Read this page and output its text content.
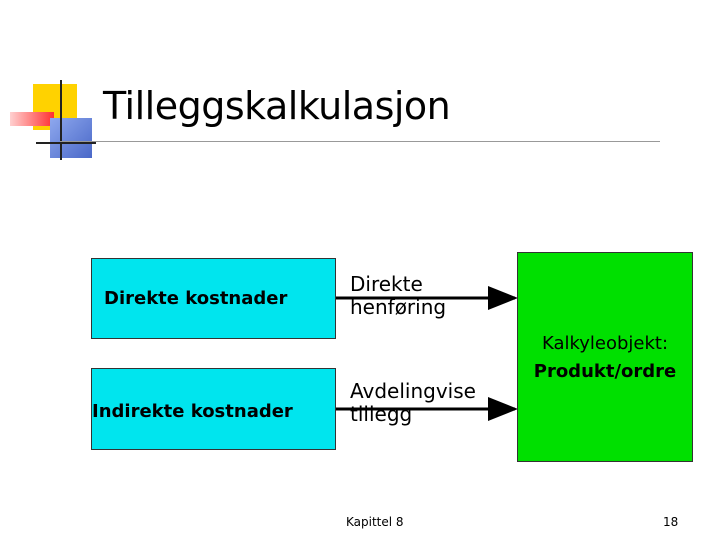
Tilleggskalkulasjon
Direkte kostnader
Indirekte kostnader
Direkte
henføring
Avdelingvise
tillegg
Kalkyleobjekt:
Produkt/ordre
Kapittel 8	18
